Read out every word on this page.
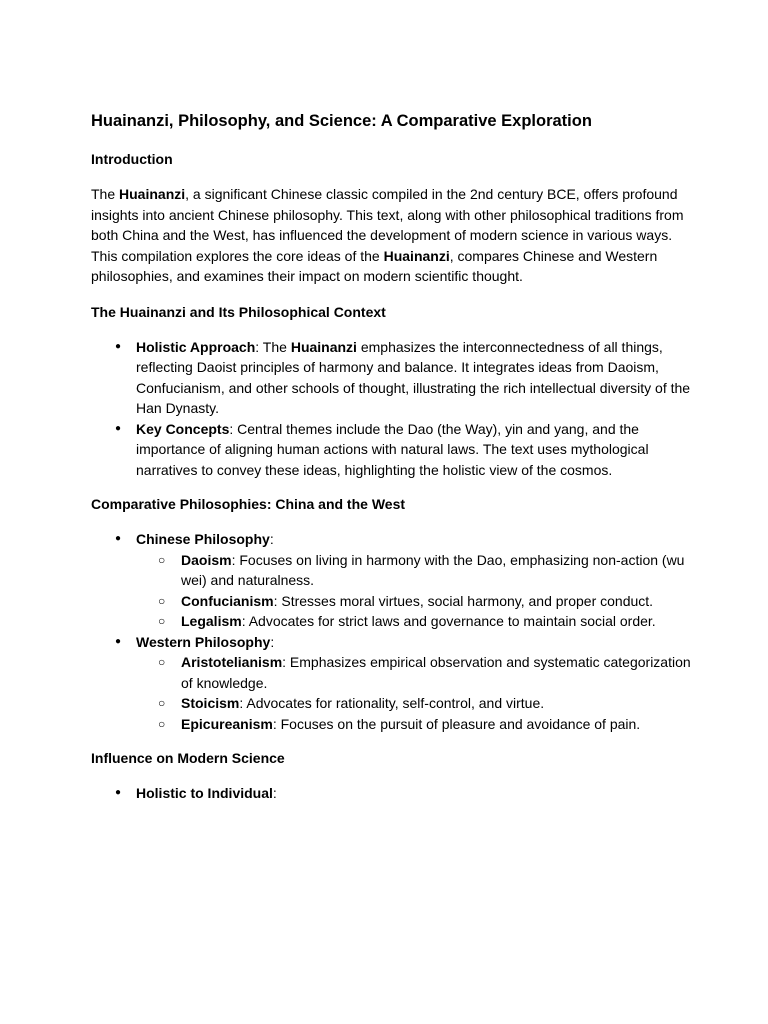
Huainanzi, Philosophy, and Science: A Comparative Exploration
Introduction

The Huainanzi, a significant Chinese classic compiled in the 2nd century BCE, offers profound insights into ancient Chinese philosophy. This text, along with other philosophical traditions from both China and the West, has influenced the development of modern science in various ways. This compilation explores the core ideas of the Huainanzi, compares Chinese and Western philosophies, and examines their impact on modern scientific thought.

The Huainanzi and Its Philosophical Context
● Holistic Approach: The Huainanzi emphasizes the interconnectedness of all things, reflecting Daoist principles of harmony and balance. It integrates ideas from Daoism, Confucianism, and other schools of thought, illustrating the rich intellectual diversity of the Han Dynasty.
● Key Concepts: Central themes include the Dao (the Way), yin and yang, and the importance of aligning human actions with natural laws. The text uses mythological narratives to convey these ideas, highlighting the holistic view of the cosmos.
Comparative Philosophies: China and the West
● Chinese Philosophy:
○ Daoism: Focuses on living in harmony with the Dao, emphasizing non-action (wu wei) and naturalness.
○ Confucianism: Stresses moral virtues, social harmony, and proper conduct.
○ Legalism: Advocates for strict laws and governance to maintain social order.
● Western Philosophy:
○ Aristotelianism: Emphasizes empirical observation and systematic categorization of knowledge.
○ Stoicism: Advocates for rationality, self-control, and virtue.
○ Epicureanism: Focuses on the pursuit of pleasure and avoidance of pain.
Influence on Modern Science
● Holistic to Individual:
